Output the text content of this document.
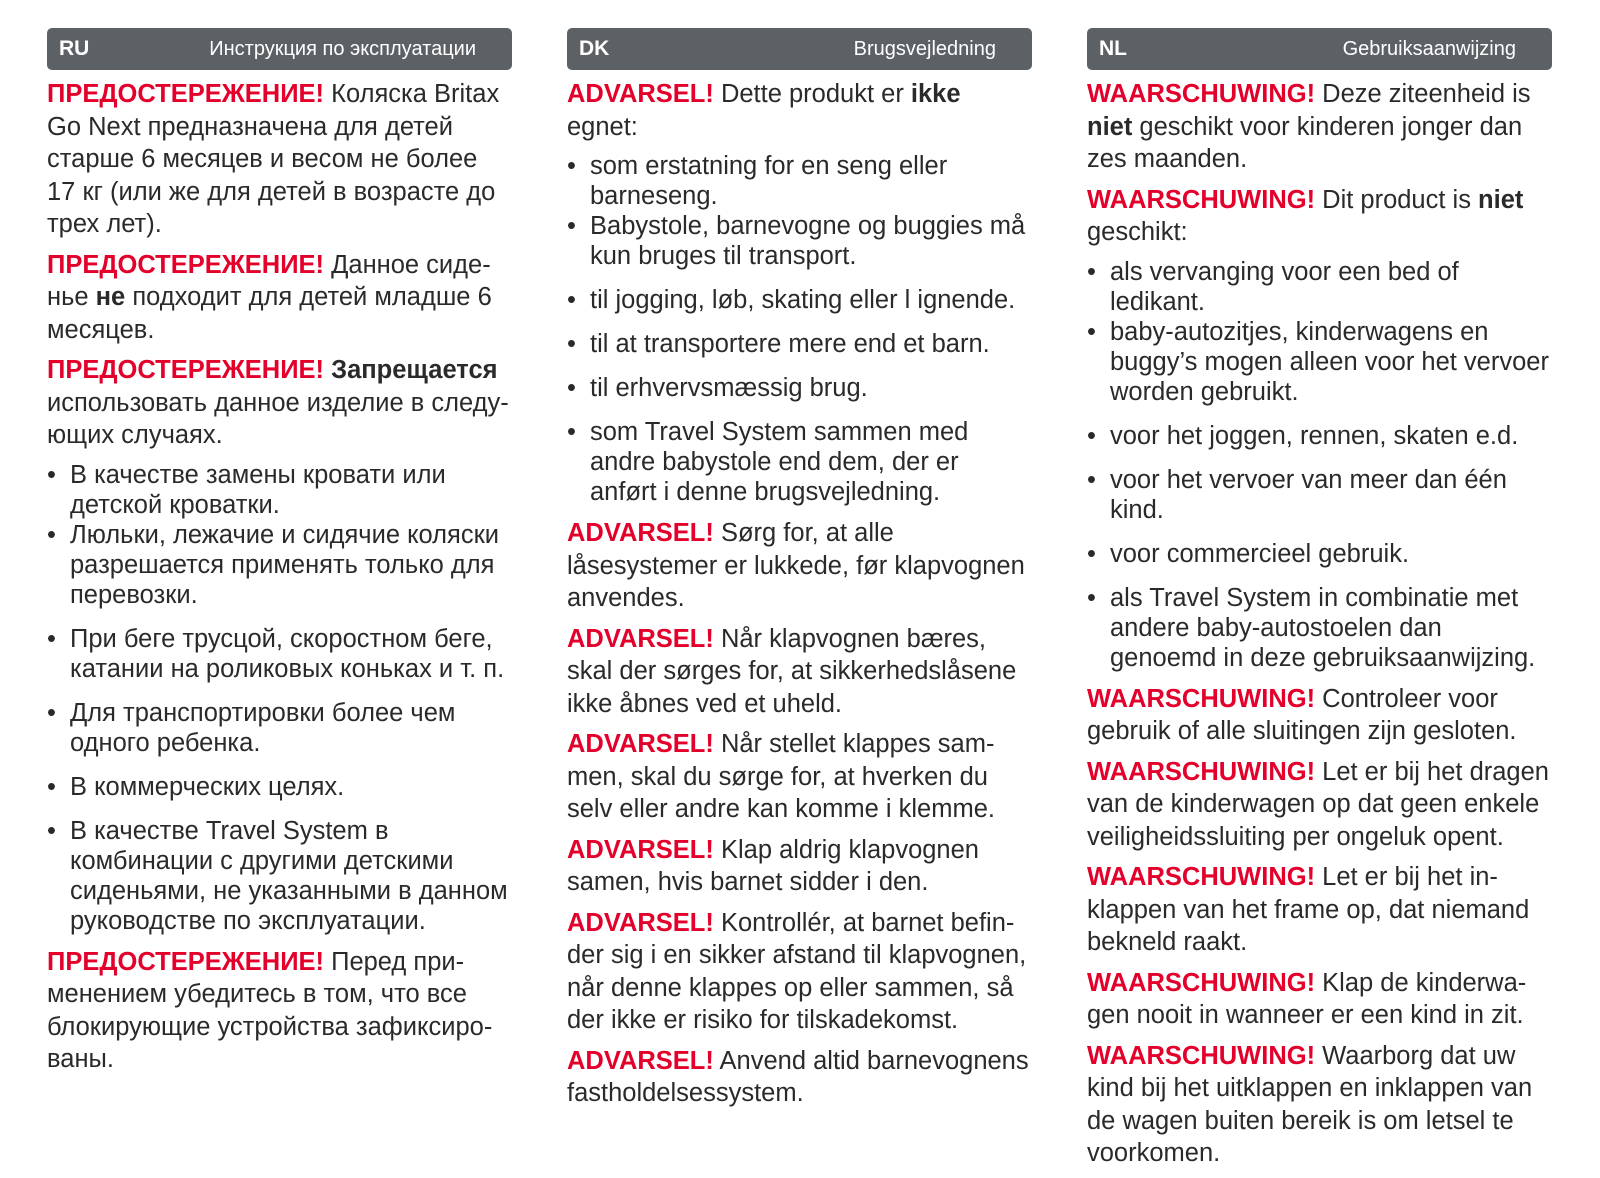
RU	Инструкция по эксплуатации

ПРЕДОСТЕРЕЖЕНИЕ! Коляска Britax Go Next предназначена для детей старше 6 месяцев и весом не более 17 кг (или же для детей в возрасте до трех лет).

ПРЕДОСТЕРЕЖЕНИЕ! Данное сиденье не подходит для детей младше 6 месяцев.

ПРЕДОСТЕРЕЖЕНИЕ! Запрещается использовать данное изделие в следующих случаях.

• В качестве замены кровати или детской кроватки.
• Люльки, лежачие и сидячие коляски разрешается применять только для перевозки.
• При беге трусцой, скоростном беге, катании на роликовых коньках и т. п.
• Для транспортировки более чем одного ребенка.
• В коммерческих целях.
• В качестве Travel System в комбинации с другими детскими сиденьями, не указанными в данном руководстве по эксплуатации.

ПРЕДОСТЕРЕЖЕНИЕ! Перед применением убедитесь в том, что все блокирующие устройства зафиксированы.

DK	Brugsvejledning

ADVARSEL! Dette produkt er ikke egnet:

• som erstatning for en seng eller barneseng.
• Babystole, barnevogne og buggies må kun bruges til transport.
• til jogging, løb, skating eller l ignende.
• til at transportere mere end et barn.
• til erhvervsmæssig brug.
• som Travel System sammen med andre babystole end dem, der er anført i denne brugsvejledning.

ADVARSEL! Sørg for, at alle låsesystemer er lukkede, før klapvognen anvendes.

ADVARSEL! Når klapvognen bæres, skal der sørges for, at sikkerhedslåsene ikke åbnes ved et uheld.

ADVARSEL! Når stellet klappes sammen, skal du sørge for, at hverken du selv eller andre kan komme i klemme.

ADVARSEL! Klap aldrig klapvognen samen, hvis barnet sidder i den.

ADVARSEL! Kontrollér, at barnet befinder sig i en sikker afstand til klapvognen, når denne klappes op eller sammen, så der ikke er risiko for tilskadekomst.

ADVARSEL! Anvend altid barnevognens fastholdelsessystem.

NL	Gebruiksaanwijzing

WAARSCHUWING! Deze ziteenheid is niet geschikt voor kinderen jonger dan zes maanden.

WAARSCHUWING! Dit product is niet geschikt:

• als vervanging voor een bed of ledikant.
• baby-autozitjes, kinderwagens en buggy’s mogen alleen voor het vervoer worden gebruikt.
• voor het joggen, rennen, skaten e.d.
• voor het vervoer van meer dan één kind.
• voor commercieel gebruik.
• als Travel System in combinatie met andere baby-autostoelen dan genoemd in deze gebruiksaanwijzing.

WAARSCHUWING! Controleer voor gebruik of alle sluitingen zijn gesloten.

WAARSCHUWING! Let er bij het dragen van de kinderwagen op dat geen enkele veiligheidssluiting per ongeluk opent.

WAARSCHUWING! Let er bij het inklappen van het frame op, dat niemand bekneld raakt.

WAARSCHUWING! Klap de kinderwagen nooit in wanneer er een kind in zit.

WAARSCHUWING! Waarborg dat uw kind bij het uitklappen en inklappen van de wagen buiten bereik is om letsel te voorkomen.
